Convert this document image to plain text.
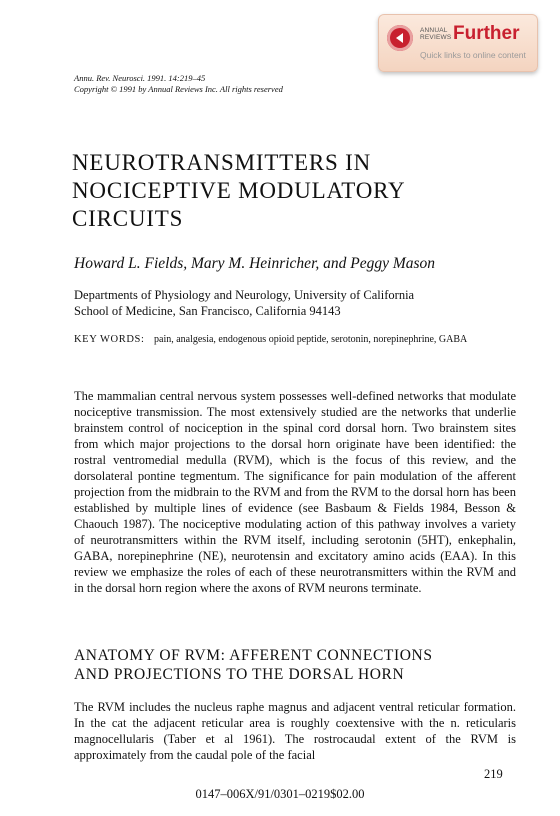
ANNUAL REVIEWS Further
Quick links to online content
Annu. Rev. Neurosci. 1991. 14:219–45
Copyright © 1991 by Annual Reviews Inc. All rights reserved
NEUROTRANSMITTERS IN
NOCICEPTIVE MODULATORY
CIRCUITS
Howard L. Fields, Mary M. Heinricher, and Peggy Mason
Departments of Physiology and Neurology, University of California
School of Medicine, San Francisco, California 94143
KEY WORDS: pain, analgesia, endogenous opioid peptide, serotonin, norepinephrine, GABA

The mammalian central nervous system possesses well-defined networks that modulate nociceptive transmission. The most extensively studied are the networks that underlie brainstem control of nociception in the spinal cord dorsal horn. Two brainstem sites from which major projections to the dorsal horn originate have been identified: the rostral ventromedial medulla (RVM), which is the focus of this review, and the dorsolateral pontine tegmentum. The significance for pain modulation of the afferent projection from the midbrain to the RVM and from the RVM to the dorsal horn has been established by multiple lines of evidence (see Basbaum & Fields 1984, Besson & Chaouch 1987). The nociceptive modulating action of this pathway involves a variety of neurotransmitters within the RVM itself, including serotonin (5HT), enkephalin, GABA, norepinephrine (NE), neurotensin and excitatory amino acids (EAA). In this review we emphasize the roles of each of these neurotransmitters within the RVM and in the dorsal horn region where the axons of RVM neurons terminate.

ANATOMY OF RVM: AFFERENT CONNECTIONS
AND PROJECTIONS TO THE DORSAL HORN

The RVM includes the nucleus raphe magnus and adjacent ventral reticular formation. In the cat the adjacent reticular area is roughly coextensive with the n. reticularis magnocellularis (Taber et al 1961). The rostrocaudal extent of the RVM is approximately from the caudal pole of the facial

219
0147–006X/91/0301–0219$02.00
